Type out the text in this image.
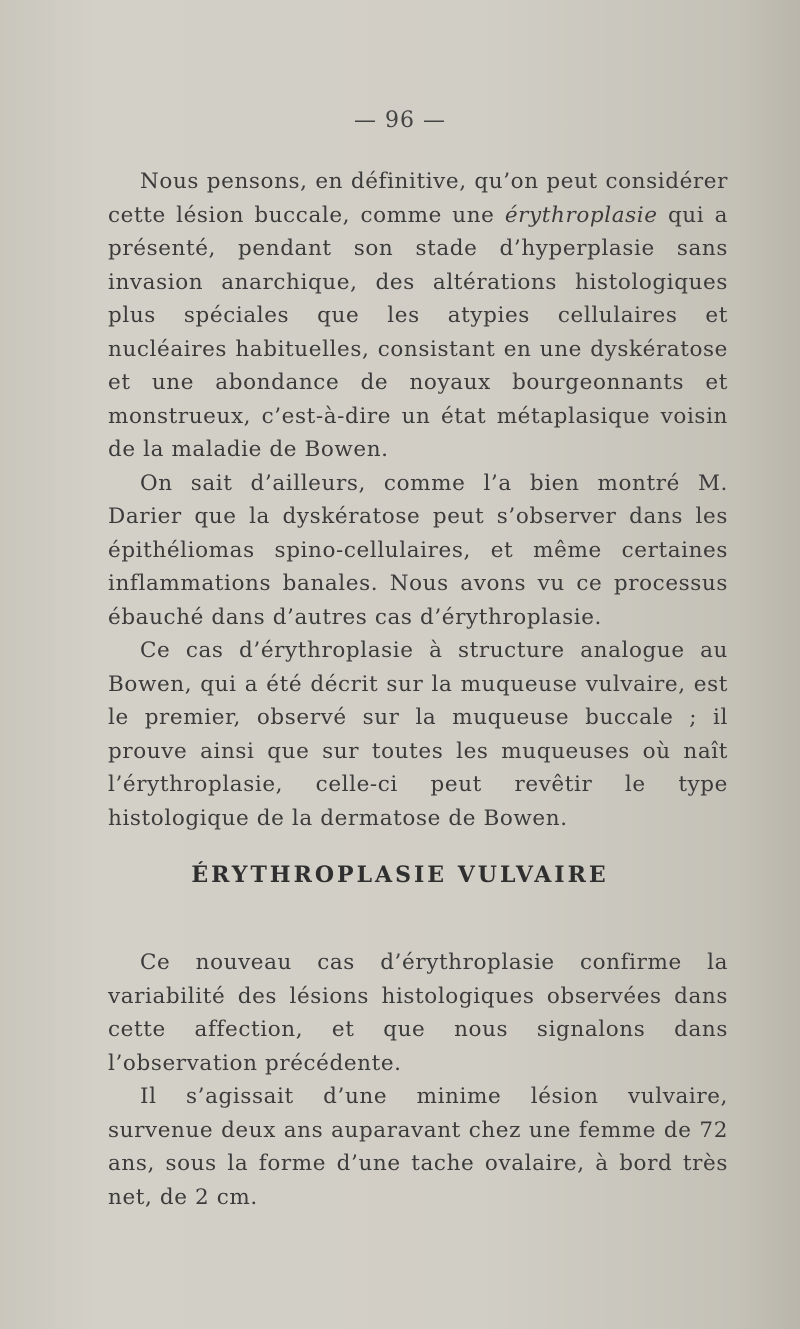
— 96 —

Nous pensons, en définitive, qu’on peut considérer cette lésion buccale, comme une érythroplasie qui a présenté, pendant son stade d’hyperplasie sans invasion anarchique, des altérations histologiques plus spéciales que les atypies cellulaires et nucléaires habituelles, consistant en une dyskératose et une abondance de noyaux bourgeonnants et monstrueux, c’est-à-dire un état métaplasique voisin de la maladie de Bowen.

On sait d’ailleurs, comme l’a bien montré M. Darier que la dyskératose peut s’observer dans les épithéliomas spino-cellulaires, et même certaines inflammations banales. Nous avons vu ce processus ébauché dans d’autres cas d’érythroplasie.

Ce cas d’érythroplasie à structure analogue au Bowen, qui a été décrit sur la muqueuse vulvaire, est le premier, observé sur la muqueuse buccale ; il prouve ainsi que sur toutes les muqueuses où naît l’érythroplasie, celle-ci peut revêtir le type histologique de la dermatose de Bowen.

ÉRYTHROPLASIE VULVAIRE

Ce nouveau cas d’érythroplasie confirme la variabilité des lésions histologiques observées dans cette affection, et que nous signalons dans l’observation précédente.

Il s’agissait d’une minime lésion vulvaire, survenue deux ans auparavant chez une femme de 72 ans, sous la forme d’une tache ovalaire, à bord très net, de 2 cm.
